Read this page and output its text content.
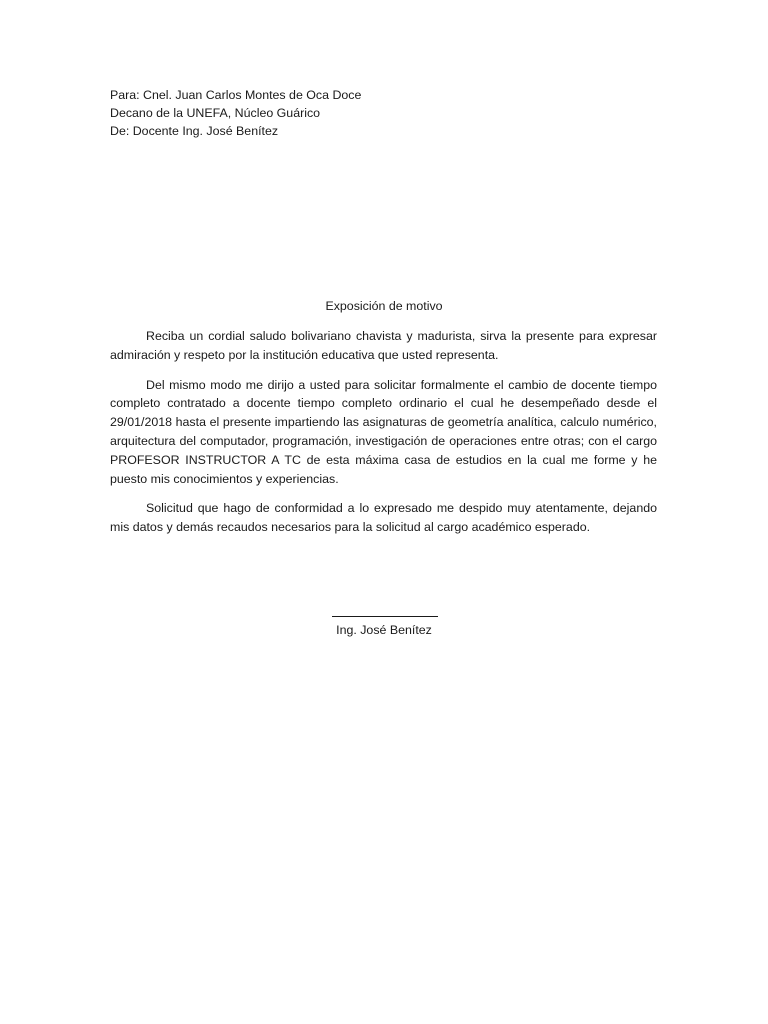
Para: Cnel. Juan Carlos Montes de Oca Doce
Decano de la UNEFA, Núcleo Guárico
De: Docente Ing. José Benítez
Exposición de motivo

Reciba un cordial saludo bolivariano chavista y madurista, sirva la presente para expresar admiración y respeto por la institución educativa que usted representa.

Del mismo modo me dirijo a usted para solicitar formalmente el cambio de docente tiempo completo contratado a docente tiempo completo ordinario el cual he desempeñado desde el 29/01/2018 hasta el presente impartiendo las asignaturas de geometría analítica, calculo numérico, arquitectura del computador, programación, investigación de operaciones entre otras; con el cargo PROFESOR INSTRUCTOR A TC de esta máxima casa de estudios en la cual me forme y he puesto mis conocimientos y experiencias.

Solicitud que hago de conformidad a lo expresado me despido muy atentamente, dejando mis datos y demás recaudos necesarios para la solicitud al cargo académico esperado.

Ing. José Benítez
